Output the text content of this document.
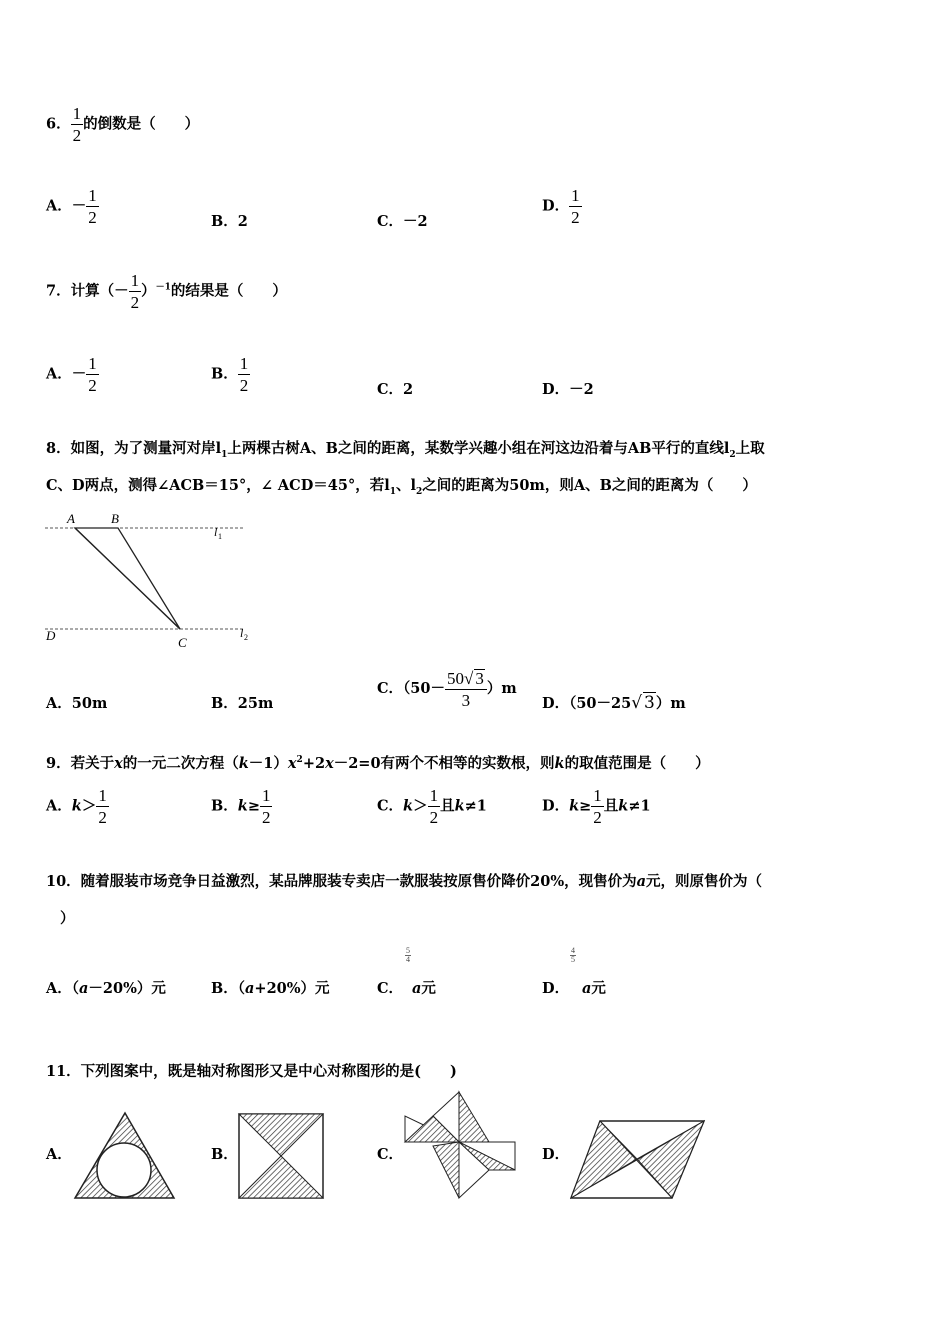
6． $\frac{1}{2}$ 的倒数是（　　）
A．－ $\frac{1}{2}$	B．2	C．－2
D． $\frac{1}{2}$
7．计算（－ $\frac{1}{2} )^{-1}$的结果是（　　）
A．－ $\frac{1}{2}$	B． $\frac{1}{2}$	C．2	D．－2
8．如图，为了测量河对岸$l_1$上两棵古树A、B之间的距离，某数学兴趣小组在河这边沿着与AB平行的直线$l_2$上取
C、D两点，测得∠ACB＝15°，∠ ACD＝45°，若$l_1$、$l_2$之间的距离为50m，则A、B之间的距离为（　　）
A	B
C
D
l 1
l 2
A．50m	B．25m
C．$(50- \frac{50√ 3}{3} )m$
D．（50－25√ 3）m
9．若关于x的一元二次方程$(k-1)x^2+2x-2=0$有两个不相等的实数根，则k的取值范围是（　　）
A．$k> \frac{1}{2}$	B．$k\ge \frac{1}{2}$	C．$k> \frac{1}{2}$ 且k≠1	D．$k\ge \frac{1}{2}$ 且k≠1
10．随着服装市场竞争日益激烈，某品牌服装专卖店一款服装按原售价降价20%，现售价为a元，则原售价为（
）
A．（a－20%）元	B．（a+20%）元	C．
$\frac{5}{4}$
a元	D．
$\frac{4}{5}$
a元
11．下列图案中，既是轴对称图形又是中心对称图形的是(　　)
A．	B．	C．	D．
